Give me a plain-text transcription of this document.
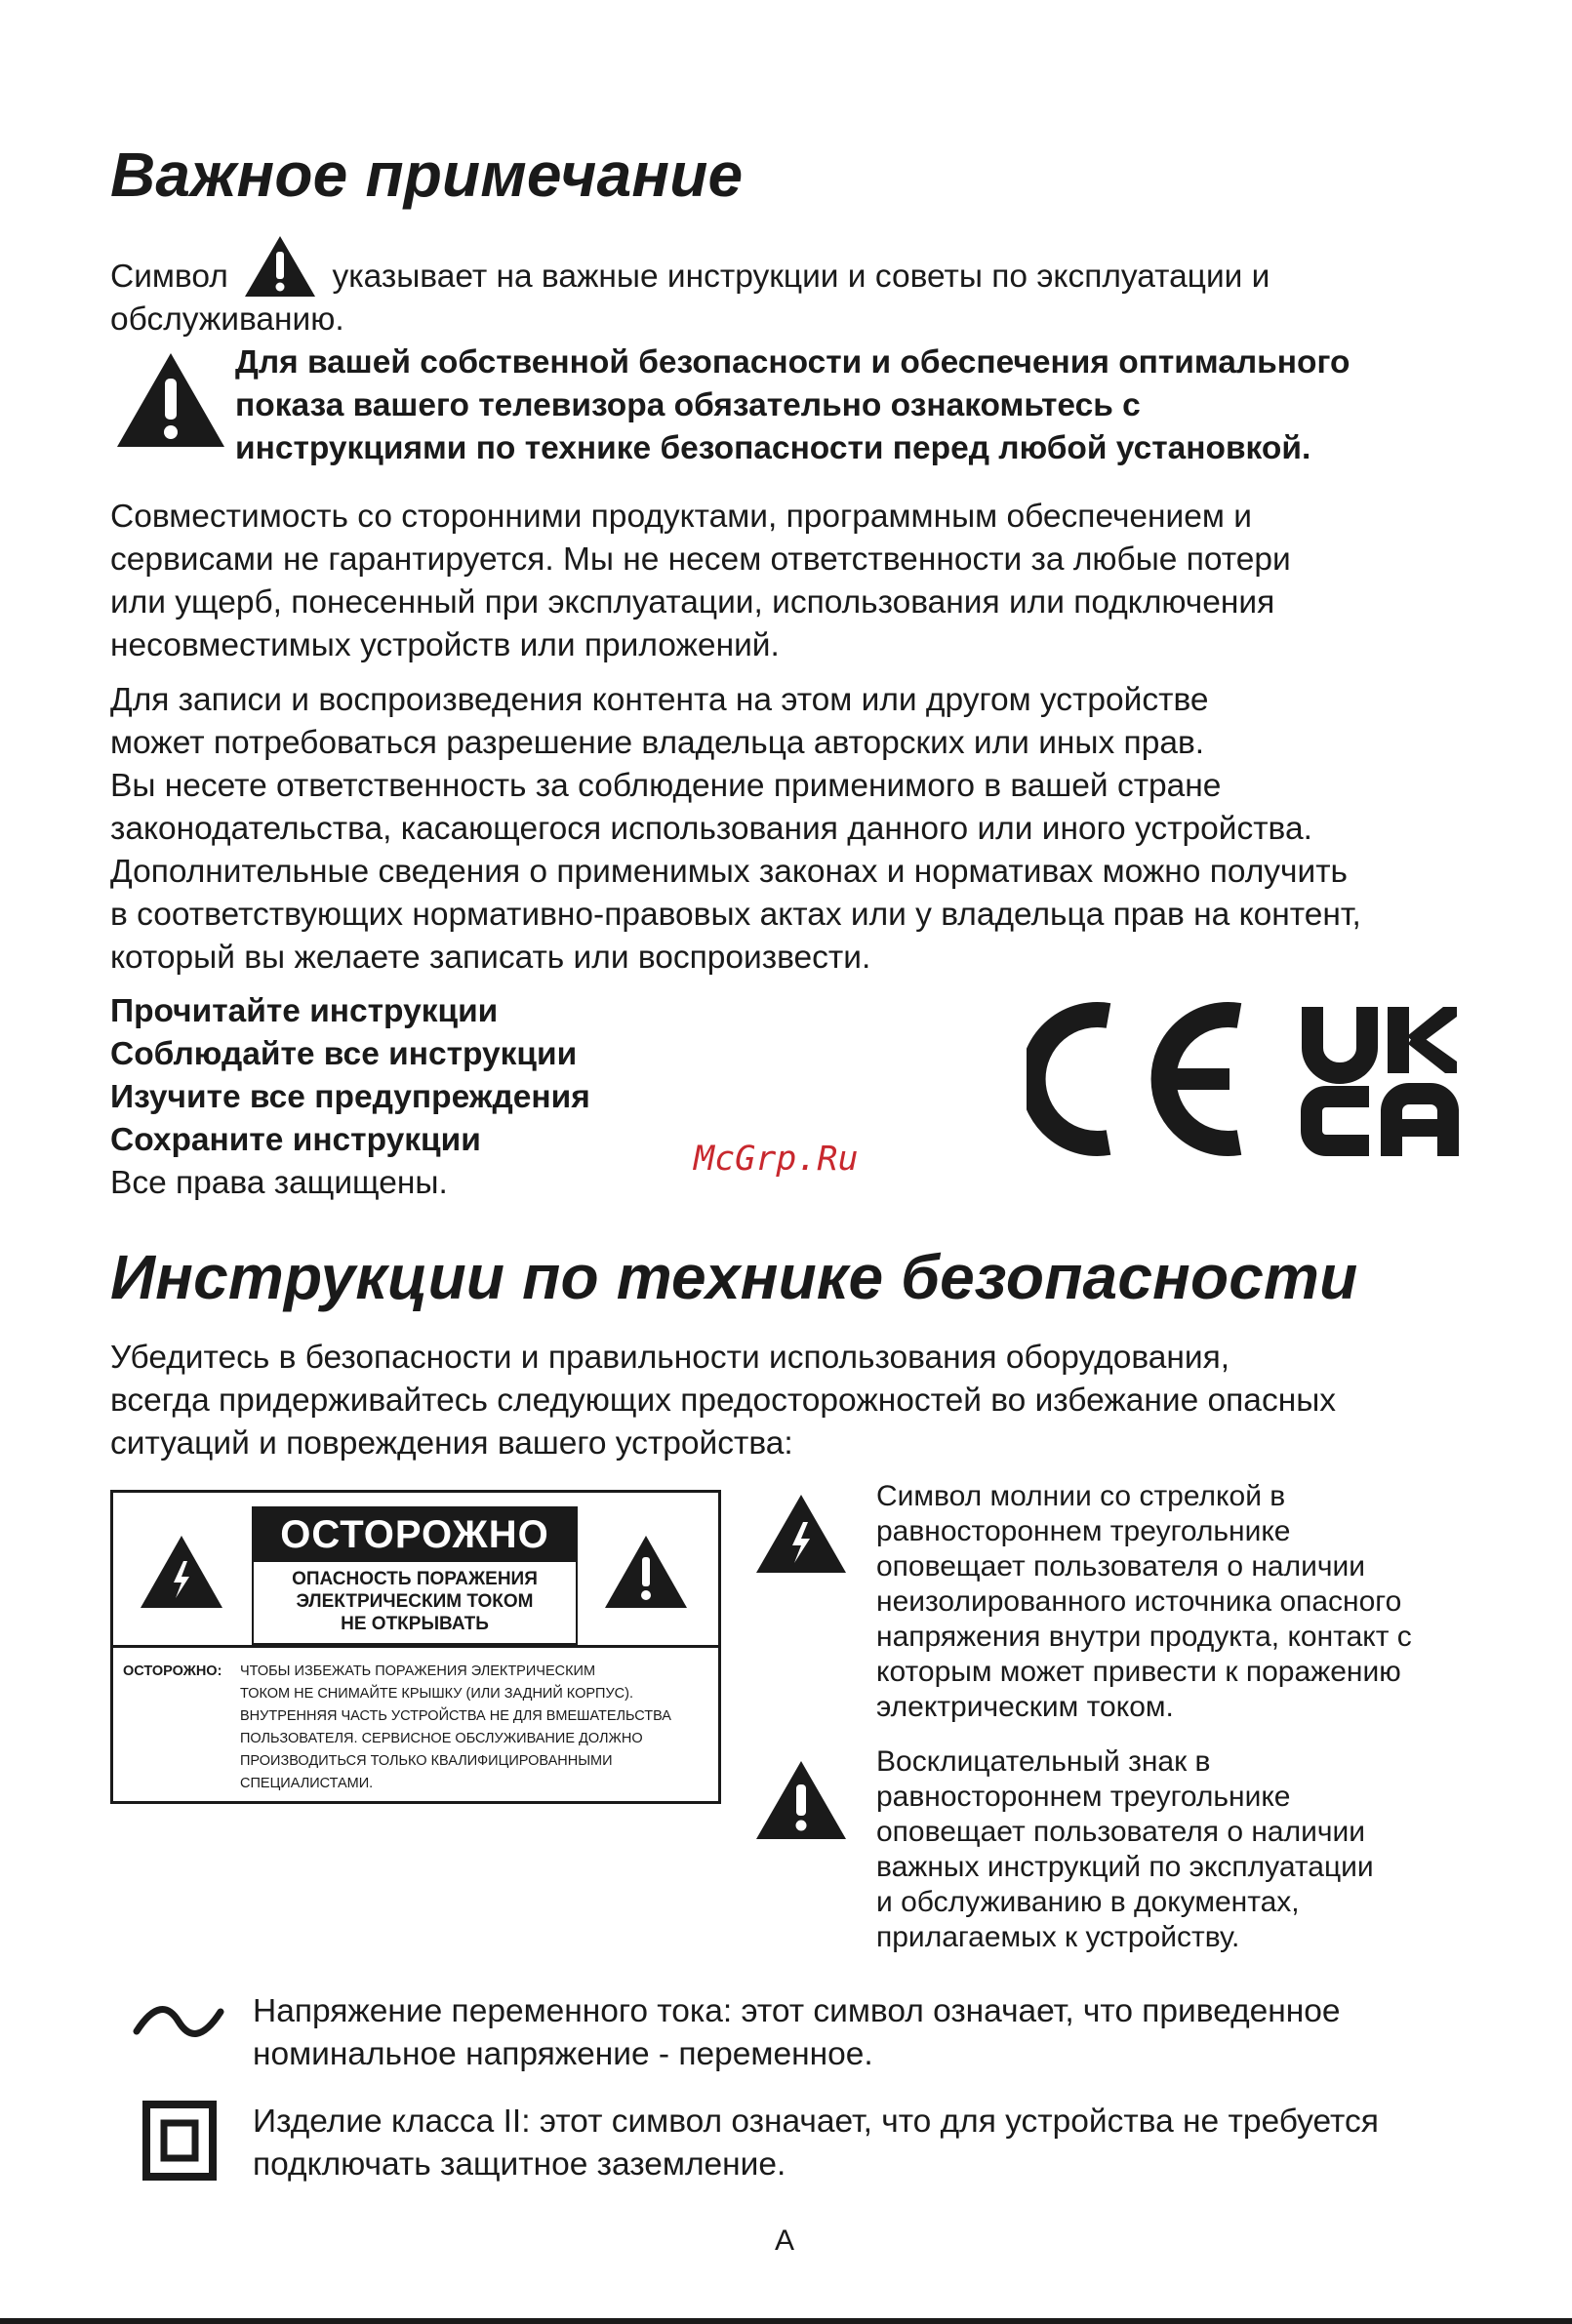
Важное примечание
Символ	указывает на важные инструкции и советы по эксплуатации и
обслуживанию.
Для вашей собственной безопасности и обеспечения оптимального
показа вашего телевизора обязательно ознакомьтесь с
инструкциями по технике безопасности перед любой установкой.
Совместимость со сторонними продуктами, программным обеспечением и
сервисами не гарантируется. Мы не несем ответственности за любые потери
или ущерб, понесенный при эксплуатации, использования или подключения
несовместимых устройств или приложений.
Для записи и воспроизведения контента на этом или другом устройстве
может потребоваться разрешение владельца авторских или иных прав.
Вы несете ответственность за соблюдение применимого в вашей стране
законодательства, касающегося использования данного или иного устройства.
Дополнительные сведения о применимых законах и нормативах можно получить
в соответствующих нормативно-правовых актах или у владельца прав на контент,
который вы желаете записать или воспроизвести.
Прочитайте инструкции
Соблюдайте все инструкции
Изучите все предупреждения
Сохраните инструкции
Все права защищены.
McGrp.Ru
Инструкции по технике безопасности
Убедитесь в безопасности и правильности использования оборудования,
всегда придерживайтесь следующих предосторожностей во избежание опасных
ситуаций и повреждения вашего устройства:
ОСТОРОЖНО
ОПАСНОСТЬ ПОРАЖЕНИЯ
ЭЛЕКТРИЧЕСКИМ ТОКОМ
НЕ ОТКРЫВАТЬ
ОСТОРОЖНО: ЧТОБЫ ИЗБЕЖАТЬ ПОРАЖЕНИЯ ЭЛЕКТРИЧЕСКИМ
ТОКОМ НЕ СНИМАЙТЕ КРЫШКУ (ИЛИ ЗАДНИЙ КОРПУС).
ВНУТРЕННЯЯ ЧАСТЬ УСТРОЙСТВА НЕ ДЛЯ ВМЕШАТЕЛЬСТВА
ПОЛЬЗОВАТЕЛЯ. СЕРВИСНОЕ ОБСЛУЖИВАНИЕ ДОЛЖНО
ПРОИЗВОДИТЬСЯ ТОЛЬКО КВАЛИФИЦИРОВАННЫМИ
СПЕЦИАЛИСТАМИ.
Символ молнии со стрелкой в
равностороннем треугольнике
оповещает пользователя о наличии
неизолированного источника опасного
напряжения внутри продукта, контакт с
которым может привести к поражению
электрическим током.
Восклицательный знак в
равностороннем треугольнике
оповещает пользователя о наличии
важных инструкций по эксплуатации
и обслуживанию в документах,
прилагаемых к устройству.
Напряжение переменного тока: этот символ означает, что приведенное
номинальное напряжение - переменное.
Изделие класса II: этот символ означает, что для устройства не требуется
подключать защитное заземление.
A
